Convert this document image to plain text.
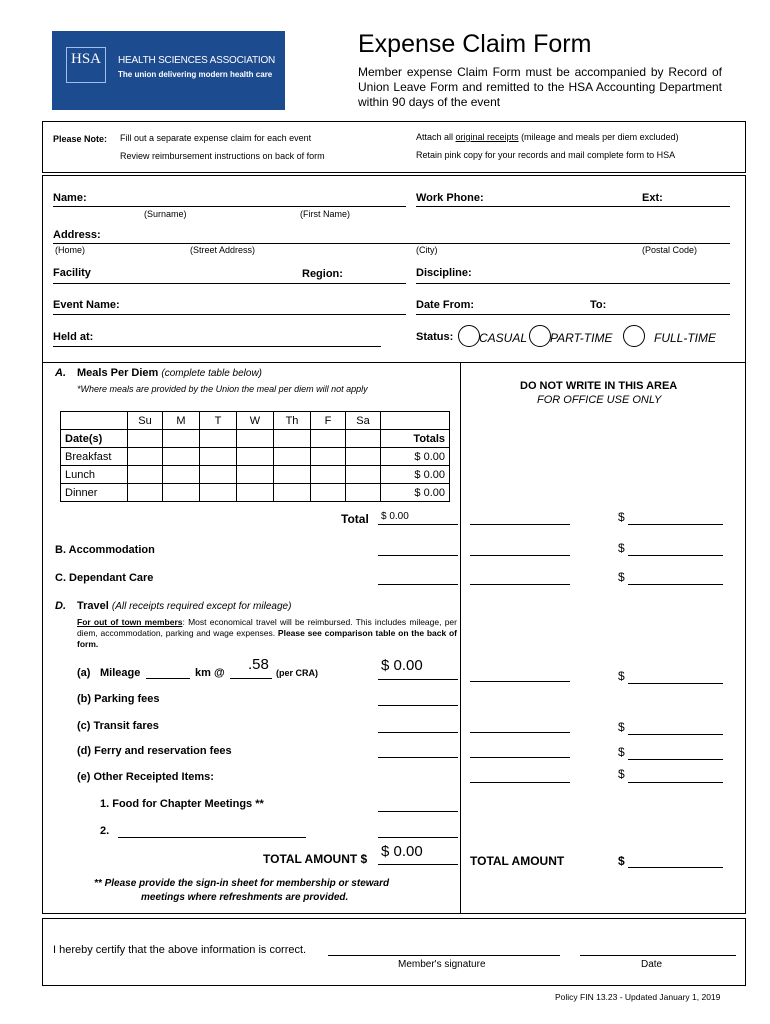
HSA	HEALTH SCIENCES ASSOCIATION
The union delivering modern health care
Expense Claim Form
Member expense Claim Form must be accompanied by Record of Union Leave Form and remitted to the HSA Accounting Department within 90 days of the event
Please Note: Fill out a separate expense claim for each event
Review reimbursement instructions on back of form
Attach all original receipts (mileage and meals per diem excluded)
Retain pink copy for your records and mail complete form to HSA
Name:	Work Phone:	Ext:
(Surname)	(First Name)
Address:
(Home)	(Street Address)	(City)	(Postal Code)
Facility	Region:	Discipline:
Event Name:	Date From:	To:
Held at:	Status: CASUAL PART-TIME	FULL-TIME
A. Meals Per Diem (complete table below)
*Where meals are provided by the Union the meal per diem will not apply
	Su	M	T	W	Th	F	Sa	
Date(s)								Totals
Breakfast								$ 0.00
Lunch								$ 0.00
Dinner								$ 0.00
Total $ 0.00
DO NOT WRITE IN THIS AREA
FOR OFFICE USE ONLY
$
B. Accommodation	$
C. Dependant Care	$
D. Travel (All receipts required except for mileage)
For out of town members: Most economical travel will be reimbursed. This includes mileage, per diem, accommodation, parking and wage expenses. Please see comparison table on the back of form.
(a) Mileage	km @ .58 (per CRA)	$ 0.00
$
(b) Parking fees
(c) Transit fares	$
(d) Ferry and reservation fees	$
(e) Other Receipted Items:	$
1. Food for Chapter Meetings **
2.
TOTAL AMOUNT $ $ 0.00
TOTAL AMOUNT	$
** Please provide the sign-in sheet for membership or steward
meetings where refreshments are provided.
I hereby certify that the above information is correct.
Member's signature	Date
Policy FIN 13.23 - Updated January 1, 2019
